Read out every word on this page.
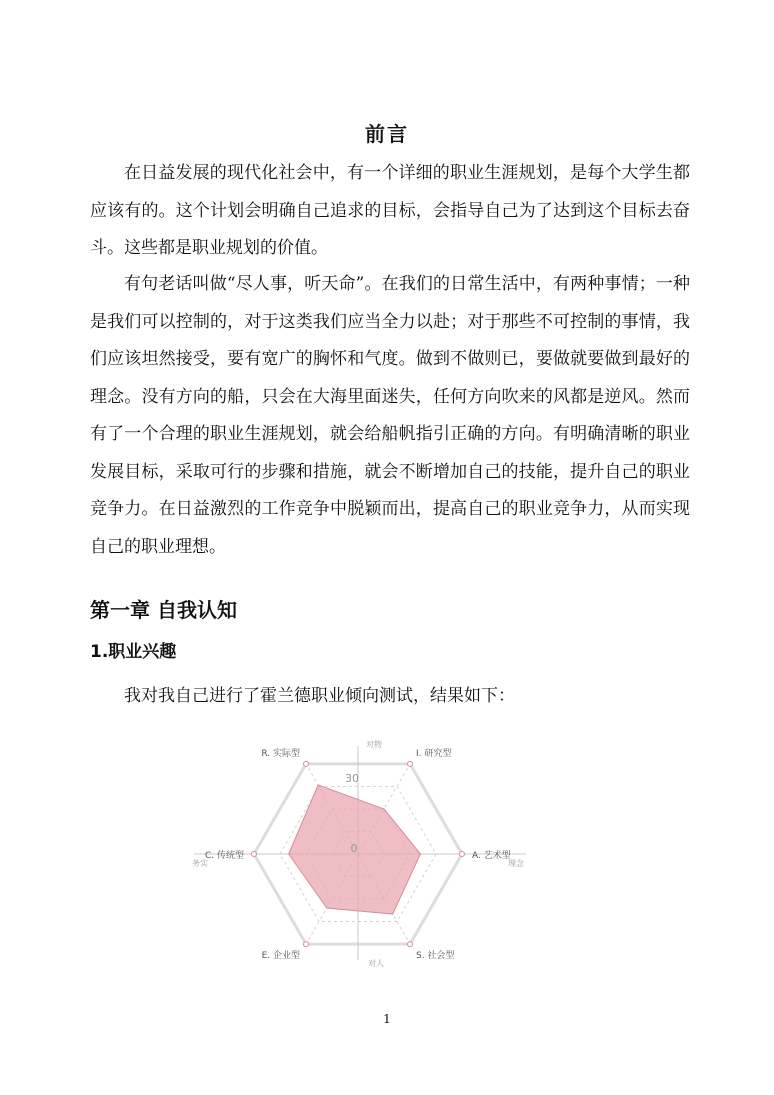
前言

在日益发展的现代化社会中，有一个详细的职业生涯规划，是每个大学生都应该有的。这个计划会明确自己追求的目标，会指导自己为了达到这个目标去奋斗。这些都是职业规划的价值。

有句老话叫做“尽人事，听天命”。在我们的日常生活中，有两种事情；一种是我们可以控制的，对于这类我们应当全力以赴；对于那些不可控制的事情，我们应该坦然接受，要有宽广的胸怀和气度。做到不做则已，要做就要做到最好的理念。没有方向的船，只会在大海里面迷失，任何方向吹来的风都是逆风。然而有了一个合理的职业生涯规划，就会给船帆指引正确的方向。有明确清晰的职业发展目标，采取可行的步骤和措施，就会不断增加自己的技能，提升自己的职业竞争力。在日益激烈的工作竞争中脱颖而出，提高自己的职业竞争力，从而实现自己的职业理想。

第一章 自我认知
1.职业兴趣

我对我自己进行了霍兰德职业倾向测试，结果如下：

R. 实际型	I. 研究型
A. 艺术型
S. 社会型
E. 企业型
C. 传统型
0
30
对物
对人
务实	理念
1
